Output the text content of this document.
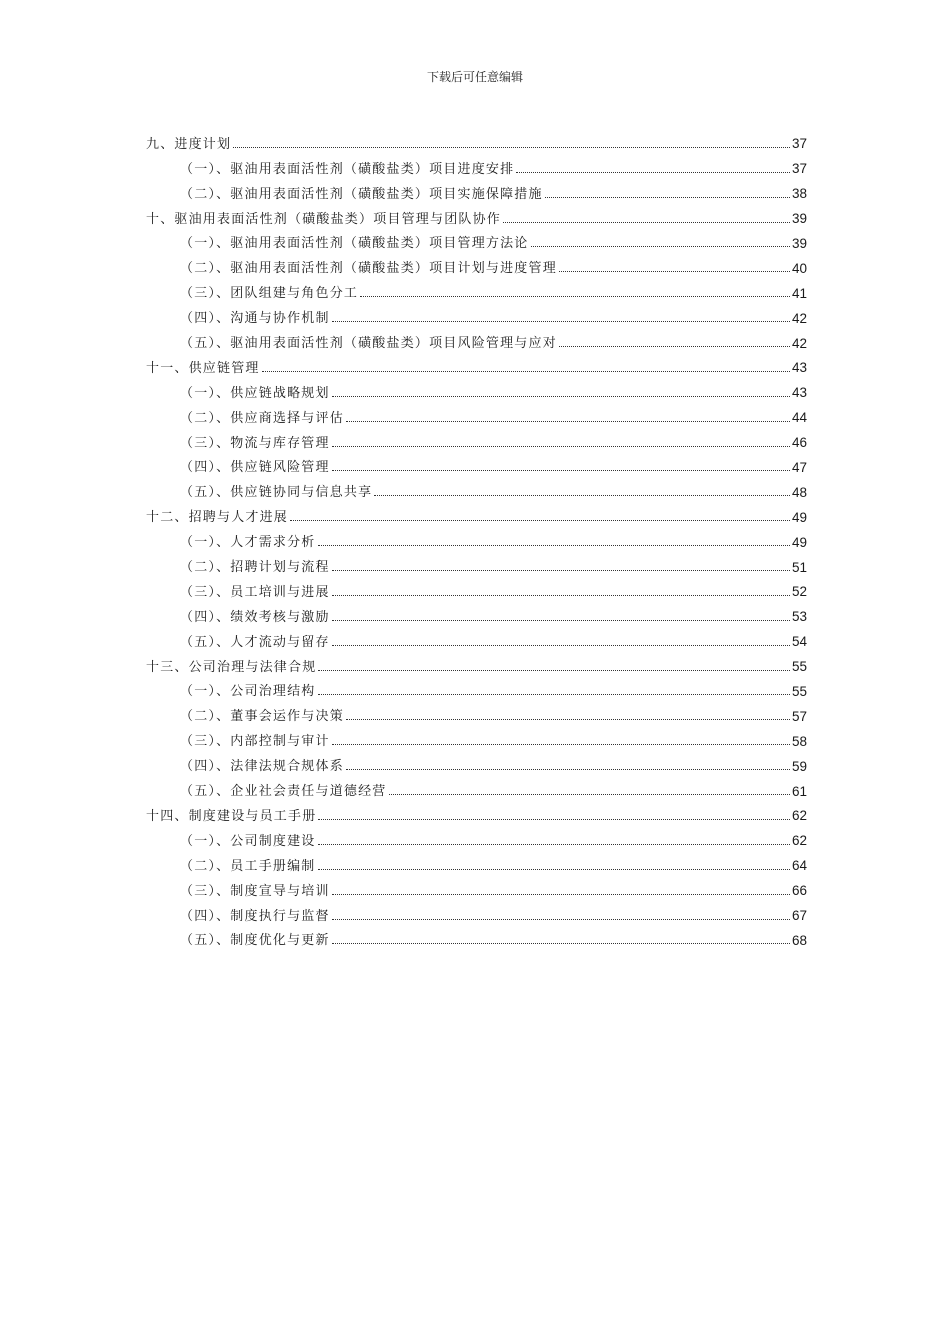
下载后可任意编辑
九、进度计划	37
（一）、驱油用表面活性剂（磺酸盐类）项目进度安排	37
（二）、驱油用表面活性剂（磺酸盐类）项目实施保障措施	38
十、驱油用表面活性剂（磺酸盐类）项目管理与团队协作	39
（一）、驱油用表面活性剂（磺酸盐类）项目管理方法论	39
（二）、驱油用表面活性剂（磺酸盐类）项目计划与进度管理	40
（三）、团队组建与角色分工	41
（四）、沟通与协作机制	42
（五）、驱油用表面活性剂（磺酸盐类）项目风险管理与应对	42
十一、供应链管理	43
（一）、供应链战略规划	43
（二）、供应商选择与评估	44
（三）、物流与库存管理	46
（四）、供应链风险管理	47
（五）、供应链协同与信息共享	48
十二、招聘与人才进展	49
（一）、人才需求分析	49
（二）、招聘计划与流程	51
（三）、员工培训与进展	52
（四）、绩效考核与激励	53
（五）、人才流动与留存	54
十三、公司治理与法律合规	55
（一）、公司治理结构	55
（二）、董事会运作与决策	57
（三）、内部控制与审计	58
（四）、法律法规合规体系	59
（五）、企业社会责任与道德经营	61
十四、制度建设与员工手册	62
（一）、公司制度建设	62
（二）、员工手册编制	64
（三）、制度宣导与培训	66
（四）、制度执行与监督	67
（五）、制度优化与更新	68
